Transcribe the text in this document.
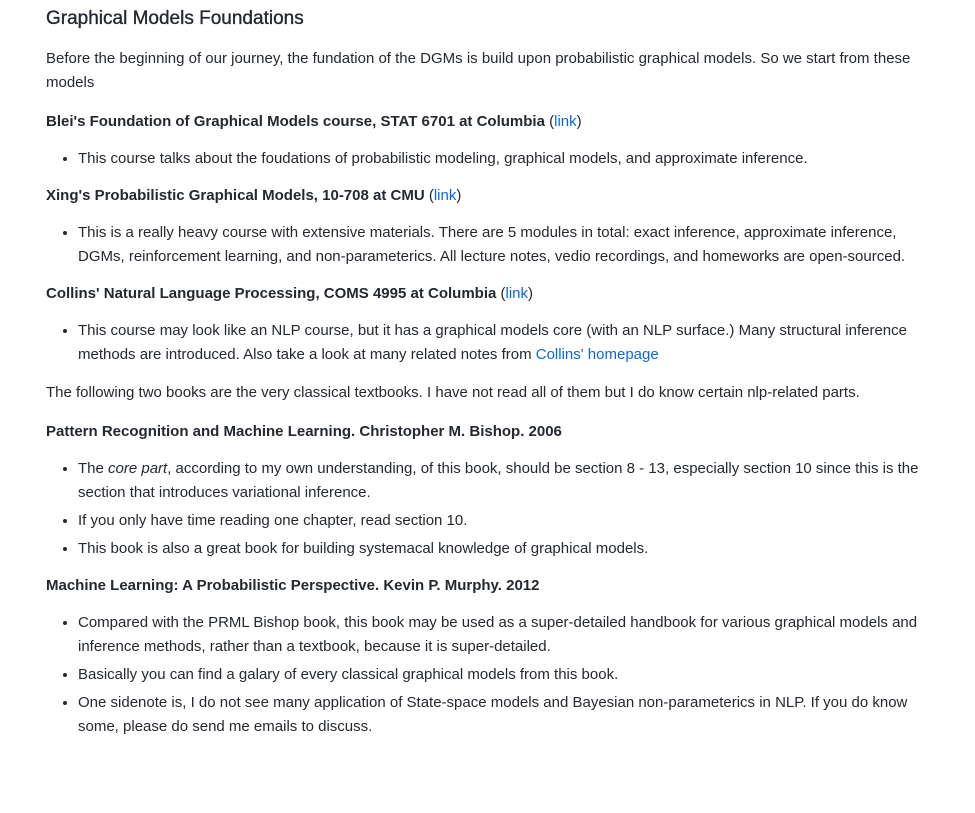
Graphical Models Foundations

Before the beginning of our journey, the fundation of the DGMs is build upon probabilistic graphical models. So we start from these models

Blei's Foundation of Graphical Models course, STAT 6701 at Columbia (link)
• This course talks about the foudations of probabilistic modeling, graphical models, and approximate inference.
Xing's Probabilistic Graphical Models, 10-708 at CMU (link)
• This is a really heavy course with extensive materials. There are 5 modules in total: exact inference, approximate inference, DGMs, reinforcement learning, and non-parameterics. All lecture notes, vedio recordings, and homeworks are open-sourced.
Collins' Natural Language Processing, COMS 4995 at Columbia (link)
• This course may look like an NLP course, but it has a graphical models core (with an NLP surface.) Many structural inference methods are introduced. Also take a look at many related notes from Collins' homepage

The following two books are the very classical textbooks. I have not read all of them but I do know certain nlp-related parts.

Pattern Recognition and Machine Learning. Christopher M. Bishop. 2006
• The core part, according to my own understanding, of this book, should be section 8 - 13, especially section 10 since this is the section that introduces variational inference.
• If you only have time reading one chapter, read section 10.
• This book is also a great book for building systemacal knowledge of graphical models.
Machine Learning: A Probabilistic Perspective. Kevin P. Murphy. 2012
• Compared with the PRML Bishop book, this book may be used as a super-detailed handbook for various graphical models and inference methods, rather than a textbook, because it is super-detailed.
• Basically you can find a galary of every classical graphical models from this book.
• One sidenote is, I do not see many application of State-space models and Bayesian non-parameterics in NLP. If you do know some, please do send me emails to discuss.
